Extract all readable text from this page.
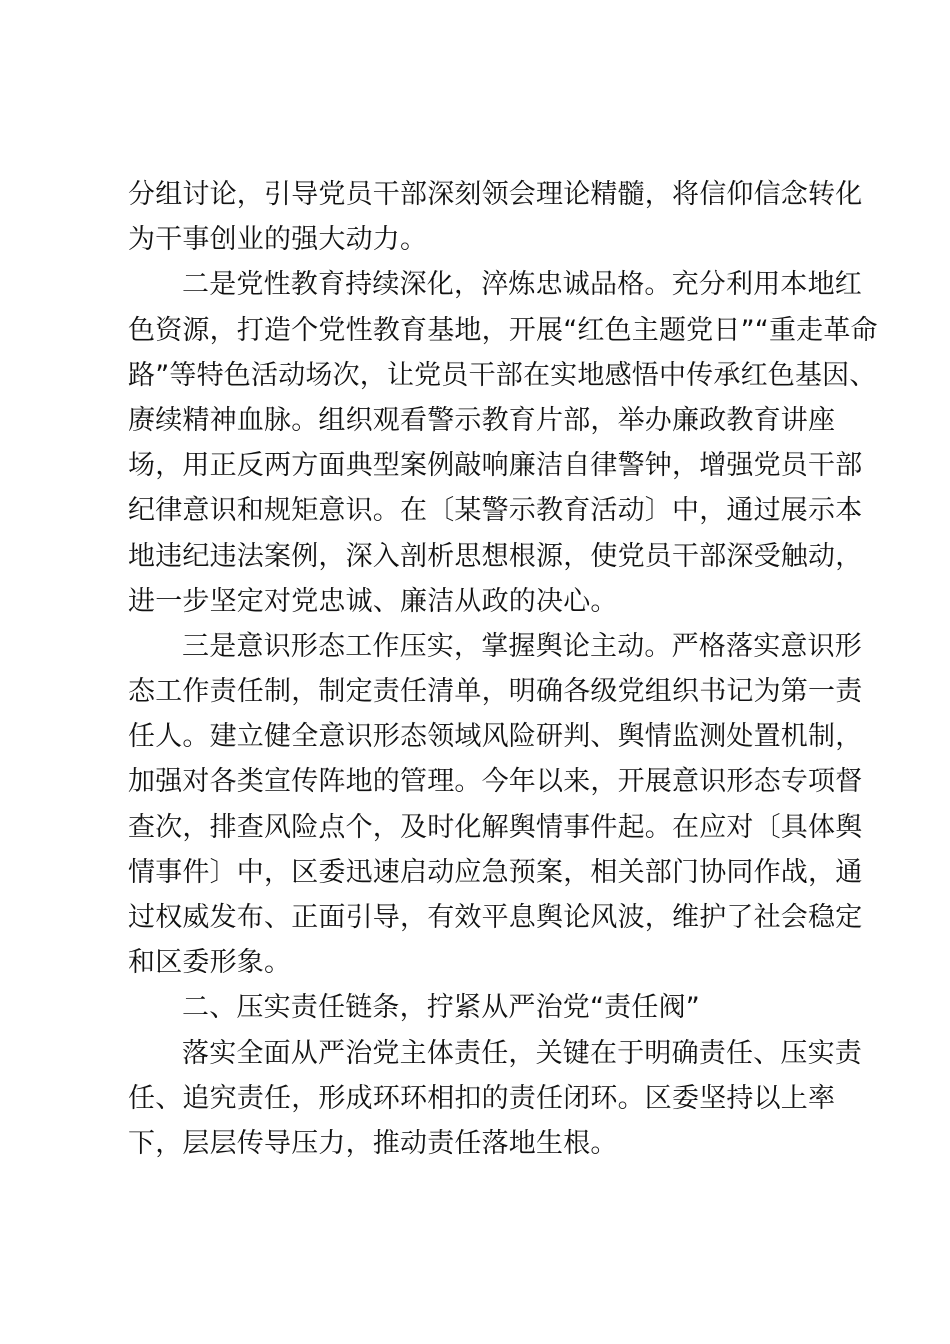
分组讨论，引导党员干部深刻领会理论精髓，将信仰信念转化
为干事创业的强大动力。
二是党性教育持续深化，淬炼忠诚品格。充分利用本地红
色资源，打造个党性教育基地，开展“红色主题党日”“重走革命
路”等特色活动场次，让党员干部在实地感悟中传承红色基因、
赓续精神血脉。组织观看警示教育片部，举办廉政教育讲座
场，用正反两方面典型案例敲响廉洁自律警钟，增强党员干部
纪律意识和规矩意识。在〔某警示教育活动〕中，通过展示本
地违纪违法案例，深入剖析思想根源，使党员干部深受触动，
进一步坚定对党忠诚、廉洁从政的决心。
三是意识形态工作压实，掌握舆论主动。严格落实意识形
态工作责任制，制定责任清单，明确各级党组织书记为第一责
任人。建立健全意识形态领域风险研判、舆情监测处置机制，
加强对各类宣传阵地的管理。今年以来，开展意识形态专项督
查次，排查风险点个，及时化解舆情事件起。在应对〔具体舆
情事件〕中，区委迅速启动应急预案，相关部门协同作战，通
过权威发布、正面引导，有效平息舆论风波，维护了社会稳定
和区委形象。
二、压实责任链条，拧紧从严治党“责任阀”
落实全面从严治党主体责任，关键在于明确责任、压实责
任、追究责任，形成环环相扣的责任闭环。区委坚持以上率
下，层层传导压力，推动责任落地生根。
